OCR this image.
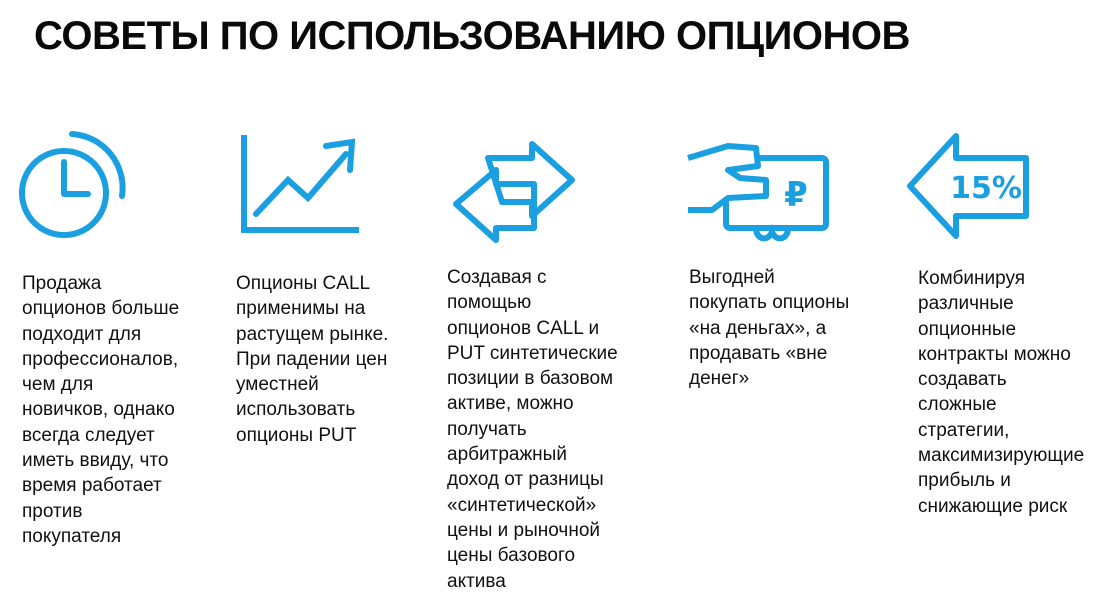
СОВЕТЫ ПО ИСПОЛЬЗОВАНИЮ ОПЦИОНОВ
₽	15%
Продажа
опционов больше
подходит для
профессионалов,
чем для
новичков, однако
всегда следует
иметь ввиду, что
время работает
против
покупателя
Опционы CALL
применимы на
растущем рынке.
При падении цен
уместней
использовать
опционы PUT
Создавая с
помощью
опционов CALL и
PUT синтетические
позиции в базовом
активе, можно
получать
арбитражный
доход от разницы
«синтетической»
цены и рыночной
цены базового
актива
Выгодней
покупать опционы
«на деньгах», а
продавать «вне
денег»
Комбинируя
различные
опционные
контракты можно
создавать
сложные
стратегии,
максимизирующие
прибыль и
снижающие риск
